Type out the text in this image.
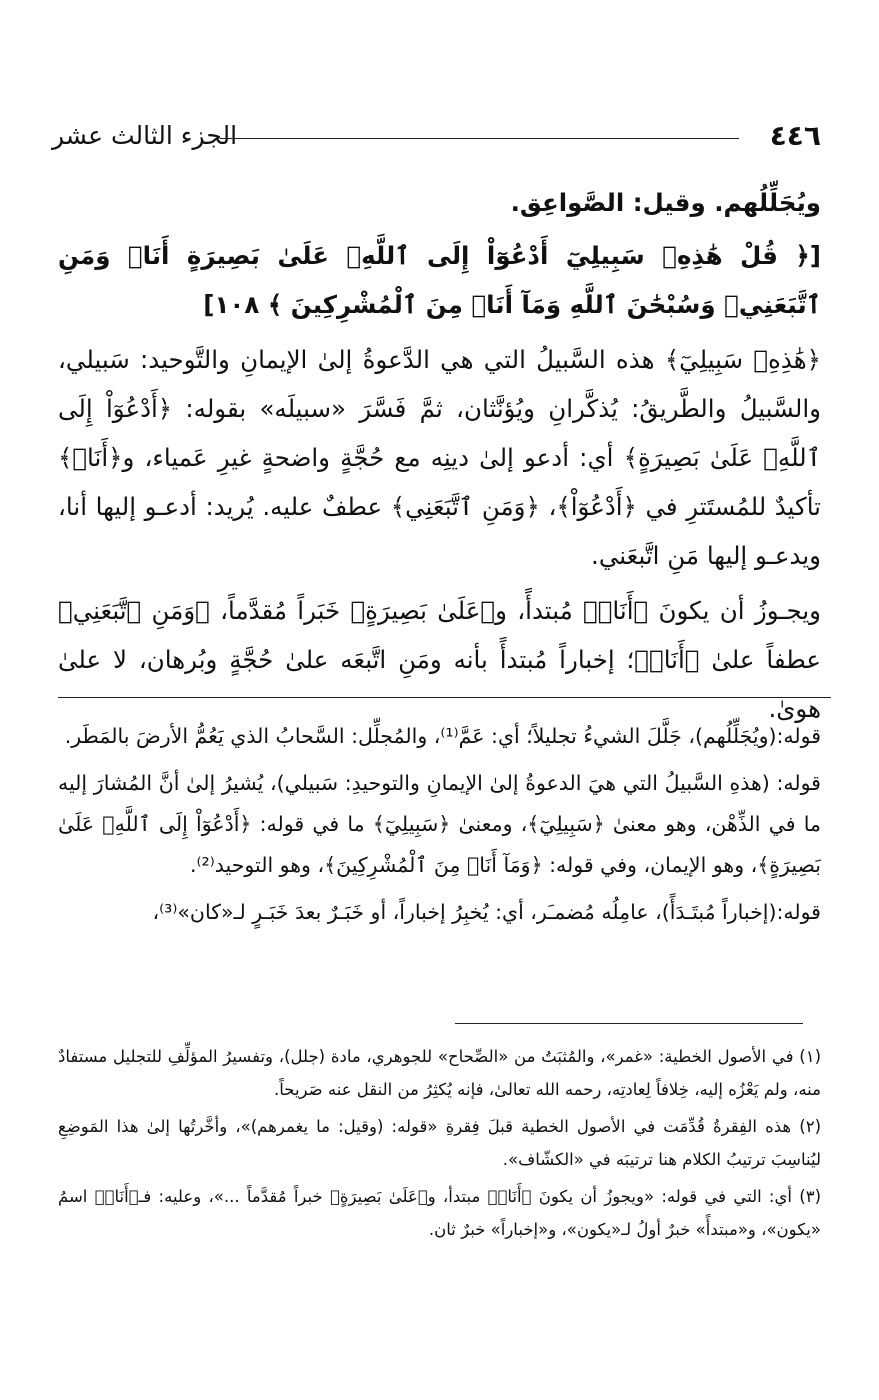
الجزء الثالث عشر	٤٤٦

ويُجَلِّلُهم. وقيل: الصَّواعِق.

[﴿ قُلْ هَٰذِهِۦ سَبِيلِيٓ أَدْعُوٓاْ إِلَى ٱللَّهِۚ عَلَىٰ بَصِيرَةٍ أَنَا۠ وَمَنِ ٱتَّبَعَنِيۖ وَسُبْحَٰنَ ٱللَّهِ وَمَآ أَنَا۠ مِنَ ٱلْمُشْرِكِينَ ﴾ ١٠٨]

﴿هَٰذِهِۦ سَبِيلِيٓ﴾ هذه السَّبيلُ التي هي الدَّعوةُ إلىٰ الإيمانِ والتَّوحيد: سَبيلي، والسَّبيلُ والطَّريقُ: يُذكَّرانِ ويُؤنَّثان، ثمَّ فَسَّرَ «سبيلَه» بقوله: ﴿أَدْعُوٓاْ إِلَى ٱللَّهِۚ عَلَىٰ بَصِيرَةٍ﴾ أي: أدعو إلىٰ دينِه مع حُجَّةٍ واضحةٍ غيرِ عَمياء، و﴿أَنَا۠﴾ تأكيدٌ للمُستَترِ في ﴿أَدْعُوٓاْ﴾، ﴿وَمَنِ ٱتَّبَعَنِي﴾ عطفٌ عليه. يُريد: أدعـو إليها أنا، ويدعـو إليها مَنِ اتَّبعَني.

ويجـوزُ أن يكونَ ﴿أَنَا۠﴾ مُبتدأً، و﴿عَلَىٰ بَصِيرَةٍ﴾ خَبَراً مُقدَّماً، ﴿وَمَنِ ٱتَّبَعَنِي﴾ عطفاً علىٰ ﴿أَنَا۠﴾؛ إخباراً مُبتدأً بأنه ومَنِ اتَّبعَه علىٰ حُجَّةٍ وبُرهان، لا علىٰ هوىٰ.

قوله:(ويُجَلِّلُهم)، جَلَّلَ الشيءُ تجليلاً؛ أي: عَمَّ⁽¹⁾، والمُجلِّل: السَّحابُ الذي يَعُمُّ الأرضَ بالمَطَر.

قوله: (هذهِ السَّبيلُ التي هيَ الدعوةُ إلىٰ الإيمانِ والتوحيدِ: سَبيلي)، يُشيرُ إلىٰ أنَّ المُشارَ إليه ما في الذِّهْن، وهو معنىٰ ﴿سَبِيلِيٓ﴾، ومعنىٰ ﴿سَبِيلِيٓ﴾ ما في قوله: ﴿أَدْعُوٓاْ إِلَى ٱللَّهِۚ عَلَىٰ بَصِيرَةٍ﴾، وهو الإيمان، وفي قوله: ﴿وَمَآ أَنَا۠ مِنَ ٱلْمُشْرِكِينَ﴾، وهو التوحيد⁽²⁾.

قوله:(إخباراً مُبتَـدَأً)، عامِلُه مُضمـَر، أي: يُخبِرُ إخباراً، أو خَبَـرٌ بعدَ خَبَـرٍ لـ«كان»⁽³⁾،

(١) في الأصول الخطية: «غمر»، والمُثبَتُ من «الصِّحاح» للجوهري، مادة (جلل)، وتفسيرُ المؤلِّفِ للتجليل مستفادٌ منه، ولم يَعْزُه إليه، خِلافاً لِعادتِه، رحمه الله تعالىٰ، فإنه يُكثِرُ من النقل عنه صَريحاً.

(٢) هذه الفِقرةُ قُدِّمَت في الأصول الخطية قبلَ فِقرةِ «قوله: (وقيل: ما يغمرهم)»، وأخَّرتُها إلىٰ هذا المَوضِعِ ليُناسِبَ ترتيبُ الكلام هنا ترتيبَه في «الكشّاف».

(٣) أي: التي في قوله: «ويجوزُ أن يكونَ ﴿أَنَا۠﴾ مبتدأ، و﴿عَلَىٰ بَصِيرَةٍ﴾ خبراً مُقدَّماً ...»، وعليه: فـ﴿أَنَا۠﴾ اسمُ «يكون»، و«مبتدأً» خبرٌ أولُ لـ«يكون»، و«إخباراً» خبرٌ ثان.
